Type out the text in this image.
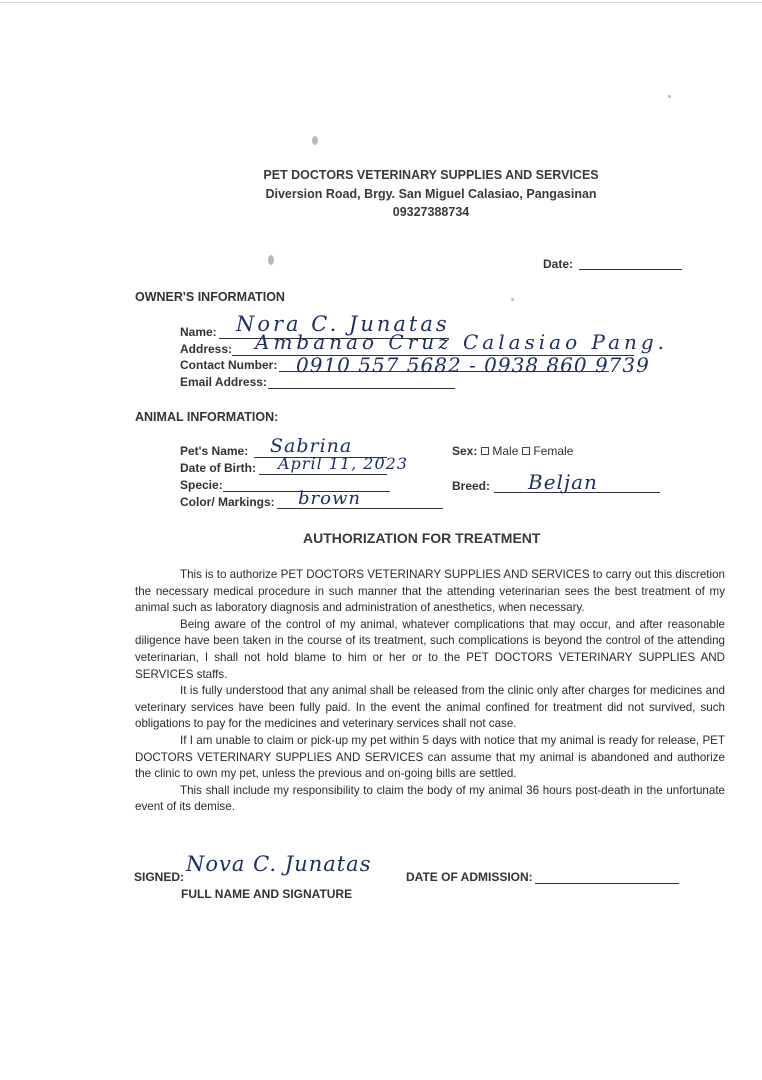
PET DOCTORS VETERINARY SUPPLIES AND SERVICES
Diversion Road, Brgy. San Miguel Calasiao, Pangasinan
09327388734
Date:
OWNER'S INFORMATION
Name: Nora C. Junatas
Address: Ambanao Cruz Calasiao Pang.
Contact Number: 0910 557 5682 - 0938 860 9739
Email Address:
ANIMAL INFORMATION:
Pet's Name: Sabrina
Date of Birth: April 11, 2023
Specie:
Color/ Markings: brown
Sex: Male Female
Breed: Beljan
AUTHORIZATION FOR TREATMENT

This is to authorize PET DOCTORS VETERINARY SUPPLIES AND SERVICES to carry out this discretion the necessary medical procedure in such manner that the attending veterinarian sees the best treatment of my animal such as laboratory diagnosis and administration of anesthetics, when necessary.

Being aware of the control of my animal, whatever complications that may occur, and after reasonable diligence have been taken in the course of its treatment, such complications is beyond the control of the attending veterinarian, I shall not hold blame to him or her or to the PET DOCTORS VETERINARY SUPPLIES AND SERVICES staffs.

It is fully understood that any animal shall be released from the clinic only after charges for medicines and veterinary services have been fully paid. In the event the animal confined for treatment did not survived, such obligations to pay for the medicines and veterinary services shall not case.

If I am unable to claim or pick-up my pet within 5 days with notice that my animal is ready for release, PET DOCTORS VETERINARY SUPPLIES AND SERVICES can assume that my animal is abandoned and authorize the clinic to own my pet, unless the previous and on-going bills are settled.

This shall include my responsibility to claim the body of my animal 36 hours post-death in the unfortunate event of its demise.

SIGNED:
Nova C. Junatas
FULL NAME AND SIGNATURE
DATE OF ADMISSION:
